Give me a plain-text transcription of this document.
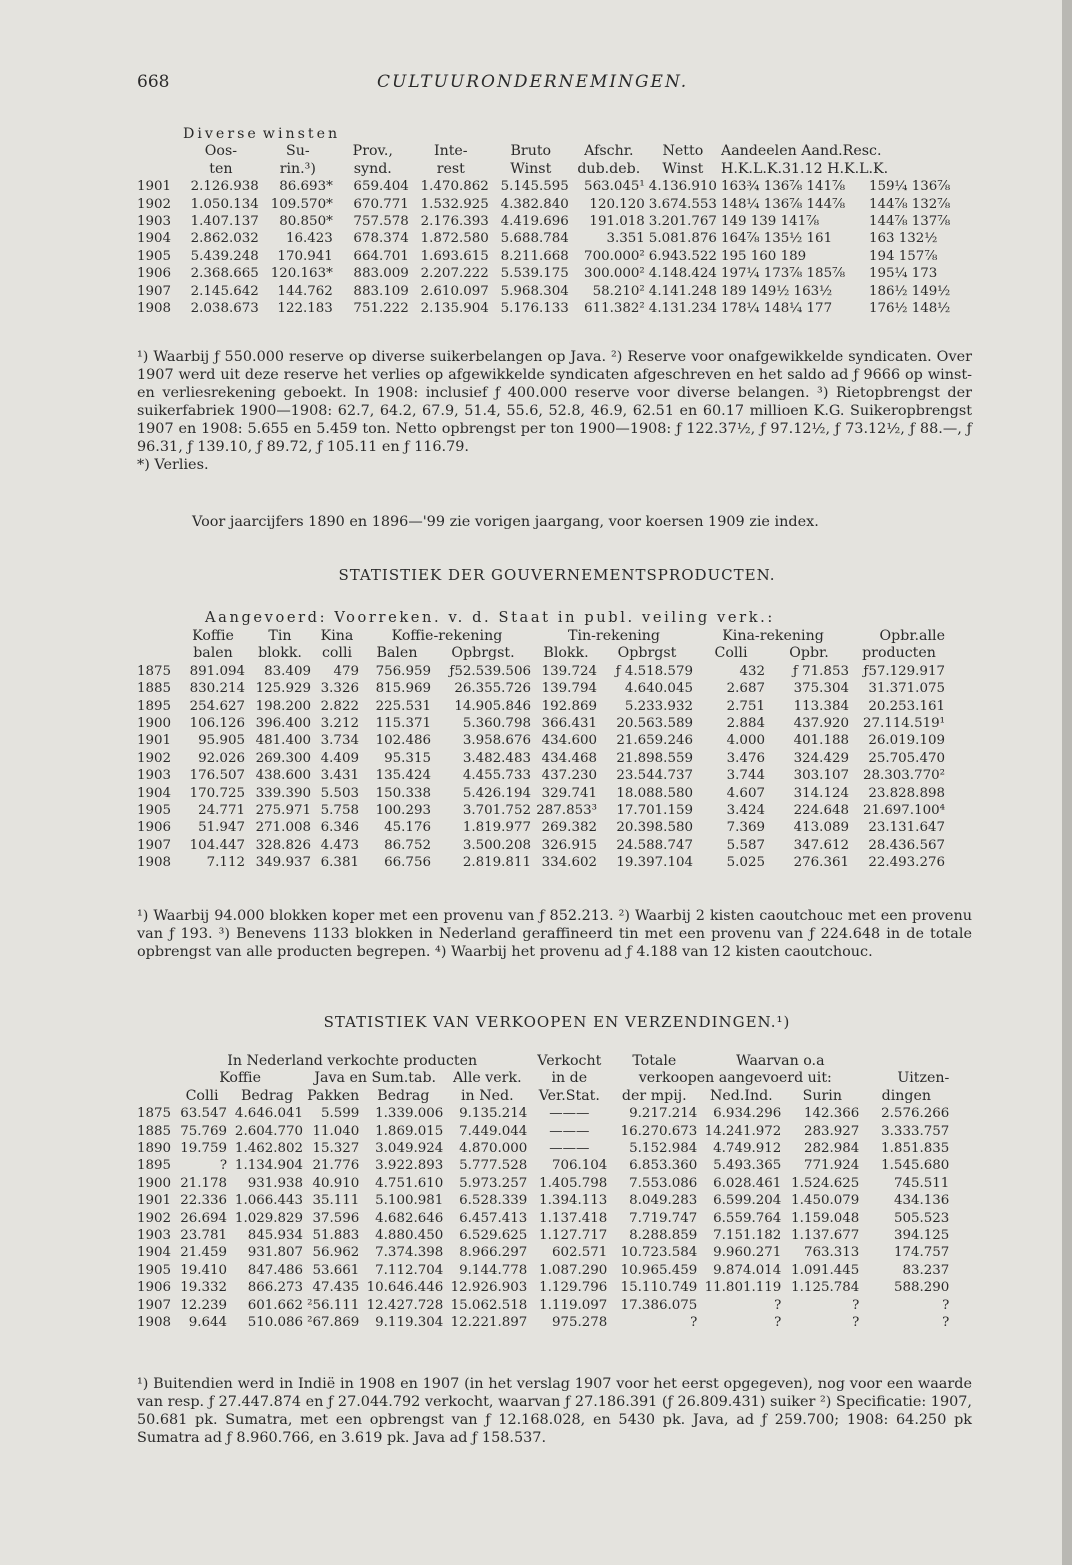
668	CULTUURONDERNEMINGEN.
	Diverse	winsten							
	Oos-	Su-	Prov.,	Inte-	Bruto	Afschr.	Netto	Aandeelen Aand.Resc.	
	ten	rin.³)	synd.	rest	Winst	dub.deb.	Winst	H.K.L.K.31.12 H.K.L.K.	
1901	2.126.938	86.693*	659.404	1.470.862	5.145.595	563.045¹	4.136.910	163¾ 136⅞ 141⅞	159¼ 136⅞
1902	1.050.134	109.570*	670.771	1.532.925	4.382.840	120.120	3.674.553	148¼ 136⅞ 144⅞	144⅞ 132⅞
1903	1.407.137	80.850*	757.578	2.176.393	4.419.696	191.018	3.201.767	149 139 141⅞	144⅞ 137⅞
1904	2.862.032	16.423	678.374	1.872.580	5.688.784	3.351	5.081.876	164⅞ 135½ 161	163 132½
1905	5.439.248	170.941	664.701	1.693.615	8.211.668	700.000²	6.943.522	195 160 189	194 157⅞
1906	2.368.665	120.163*	883.009	2.207.222	5.539.175	300.000²	4.148.424	197¼ 173⅞ 185⅞	195¼ 173
1907	2.145.642	144.762	883.109	2.610.097	5.968.304	58.210²	4.141.248	189 149½ 163½	186½ 149½
1908	2.038.673	122.183	751.222	2.135.904	5.176.133	611.382²	4.131.234	178¼ 148¼ 177	176½ 148½

¹) Waarbij ƒ 550.000 reserve op diverse suikerbelangen op Java. ²) Reserve voor onafgewikkelde syndicaten. Over 1907 werd uit deze reserve het verlies op afgewikkelde syndicaten afgeschreven en het saldo ad ƒ 9666 op winst- en verliesrekening geboekt. In 1908: inclusief ƒ 400.000 reserve voor diverse belangen. ³) Rietopbrengst der suikerfabriek 1900—1908: 62.7, 64.2, 67.9, 51.4, 55.6, 52.8, 46.9, 62.51 en 60.17 millioen K.G. Suikeropbrengst 1907 en 1908: 5.655 en 5.459 ton. Netto opbrengst per ton 1900—1908: ƒ 122.37½, ƒ 97.12½, ƒ 73.12½, ƒ 88.—, ƒ 96.31, ƒ 139.10, ƒ 89.72, ƒ 105.11 en ƒ 116.79.

*) Verlies.

Voor jaarcijfers 1890 en 1896—'99 zie vorigen jaargang, voor koersen 1909 zie index.
STATISTIEK DER GOUVERNEMENTSPRODUCTEN.
Aangevoerd: Voorreken. v. d. Staat in publ. veiling verk.:
	Koffie	Tin	Kina	Koffie-rekening		Tin-rekening		Kina-rekening		Opbr.alle
	balen	blokk.	colli	Balen	Opbrgst.	Blokk.	Opbrgst	Colli	Opbr.	producten
1875	891.094	83.409	479	756.959	ƒ52.539.506	139.724	ƒ 4.518.579	432	ƒ 71.853	ƒ57.129.917
1885	830.214	125.929	3.326	815.969	26.355.726	139.794	4.640.045	2.687	375.304	31.371.075
1895	254.627	198.200	2.822	225.531	14.905.846	192.869	5.233.932	2.751	113.384	20.253.161
1900	106.126	396.400	3.212	115.371	5.360.798	366.431	20.563.589	2.884	437.920	27.114.519¹
1901	95.905	481.400	3.734	102.486	3.958.676	434.600	21.659.246	4.000	401.188	26.019.109
1902	92.026	269.300	4.409	95.315	3.482.483	434.468	21.898.559	3.476	324.429	25.705.470
1903	176.507	438.600	3.431	135.424	4.455.733	437.230	23.544.737	3.744	303.107	28.303.770²
1904	170.725	339.390	5.503	150.338	5.426.194	329.741	18.088.580	4.607	314.124	23.828.898
1905	24.771	275.971	5.758	100.293	3.701.752	287.853³	17.701.159	3.424	224.648	21.697.100⁴
1906	51.947	271.008	6.346	45.176	1.819.977	269.382	20.398.580	7.369	413.089	23.131.647
1907	104.447	328.826	4.473	86.752	3.500.208	326.915	24.588.747	5.587	347.612	28.436.567
1908	7.112	349.937	6.381	66.756	2.819.811	334.602	19.397.104	5.025	276.361	22.493.276
¹) Waarbij 94.000 blokken koper met een provenu van ƒ 852.213. ²) Waarbij 2 kisten caoutchouc met een provenu van ƒ 193. ³) Benevens 1133 blokken in Nederland geraffineerd tin met een provenu van ƒ 224.648 in de totale opbrengst van alle producten begrepen. ⁴) Waarbij het provenu ad ƒ 4.188 van 12 kisten caoutchouc.
STATISTIEK VAN VERKOOPEN EN VERZENDINGEN.¹)
	In Nederland verkochte producten					Verkocht	Totale	Waarvan o.a		
	Koffie		Java en Sum.tab.		Alle verk.	in de	verkoopen aangevoerd uit:			Uitzen-
	Colli	Bedrag	Pakken	Bedrag	in Ned.	Ver.Stat.	der mpij.	Ned.Ind.	Surin	dingen
1875	63.547	4.646.041	5.599	1.339.006	9.135.214	———	9.217.214	6.934.296	142.366	2.576.266
1885	75.769	2.604.770	11.040	1.869.015	7.449.044	———	16.270.673	14.241.972	283.927	3.333.757
1890	19.759	1.462.802	15.327	3.049.924	4.870.000	———	5.152.984	4.749.912	282.984	1.851.835
1895	?	1.134.904	21.776	3.922.893	5.777.528	706.104	6.853.360	5.493.365	771.924	1.545.680
1900	21.178	931.938	40.910	4.751.610	5.973.257	1.405.798	7.553.086	6.028.461	1.524.625	745.511
1901	22.336	1.066.443	35.111	5.100.981	6.528.339	1.394.113	8.049.283	6.599.204	1.450.079	434.136
1902	26.694	1.029.829	37.596	4.682.646	6.457.413	1.137.418	7.719.747	6.559.764	1.159.048	505.523
1903	23.781	845.934	51.883	4.880.450	6.529.625	1.127.717	8.288.859	7.151.182	1.137.677	394.125
1904	21.459	931.807	56.962	7.374.398	8.966.297	602.571	10.723.584	9.960.271	763.313	174.757
1905	19.410	847.486	53.661	7.112.704	9.144.778	1.087.290	10.965.459	9.874.014	1.091.445	83.237
1906	19.332	866.273	47.435	10.646.446	12.926.903	1.129.796	15.110.749	11.801.119	1.125.784	588.290
1907	12.239	601.662	²56.111	12.427.728	15.062.518	1.119.097	17.386.075	?	?	?
1908	9.644	510.086	²67.869	9.119.304	12.221.897	975.278	?	?	?	?
¹) Buitendien werd in Indië in 1908 en 1907 (in het verslag 1907 voor het eerst opgegeven), nog voor een waarde van resp. ƒ 27.447.874 en ƒ 27.044.792 verkocht, waarvan ƒ 27.186.391 (ƒ 26.809.431) suiker ²) Specificatie: 1907, 50.681 pk. Sumatra, met een opbrengst van ƒ 12.168.028, en 5430 pk. Java, ad ƒ 259.700; 1908: 64.250 pk Sumatra ad ƒ 8.960.766, en 3.619 pk. Java ad ƒ 158.537.
